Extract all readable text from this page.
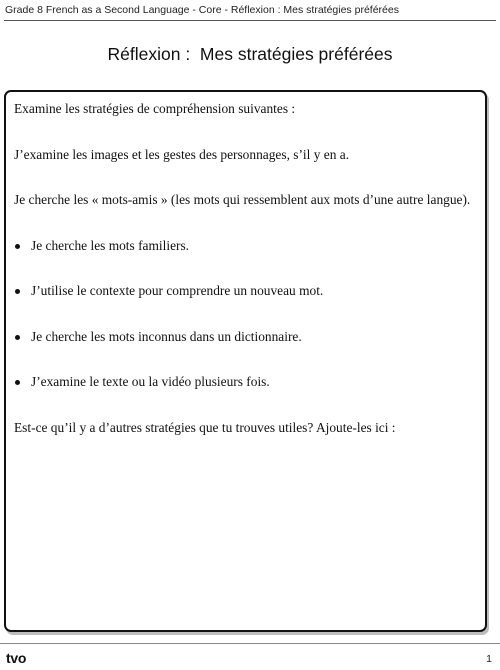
Grade 8 French as a Second Language - Core - Réflexion : Mes stratégies préférées
Réflexion :  Mes stratégies préférées

Examine les stratégies de compréhension suivantes :

J’examine les images et les gestes des personnages, s’il y en a.

Je cherche les « mots-amis » (les mots qui ressemblent aux mots d’une autre langue).

Je cherche les mots familiers.
J’utilise le contexte pour comprendre un nouveau mot.
Je cherche les mots inconnus dans un dictionnaire.
J’examine le texte ou la vidéo plusieurs fois.

Est-ce qu’il y a d’autres stratégies que tu trouves utiles? Ajoute-les ici :

tvo	1
